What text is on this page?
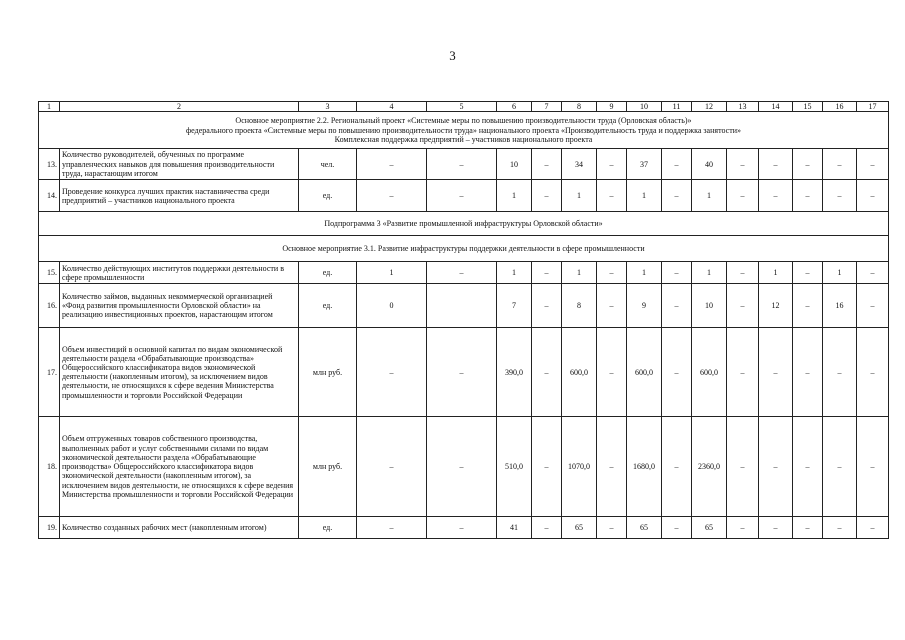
3
1	2	3	4	5	6	7	8	9	10	11	12	13	14	15	16	17

Основное мероприятие 2.2. Региональный проект «Системные меры по повышению производительности труда (Орловская область)»
федерального проекта «Системные меры по повышению производительности труда» национального проекта «Производительность труда и поддержка занятости»
Комплексная поддержка предприятий – участников национального проекта																

13.	Количество руководителей, обученных по программе управленческих навыков для повышения производительности труда, нарастающим итогом	чел.	–	–	10	–	34	–	37	–	40	–	–	–	–	–
14.	Проведение конкурса лучших практик наставничества среди предприятий – участников национального проекта	ед.	–	–	1	–	1	–	1	–	1	–	–	–	–	–
Подпрограмма 3 «Развитие промышленной инфраструктуры Орловской области»																
Основное мероприятие 3.1. Развитие инфраструктуры поддержки деятельности в сфере промышленности																
15.	Количество действующих институтов поддержки деятельности в сфере промышленности	ед.	1	–	1	–	1	–	1	–	1	–	1	–	1	–
16.	Количество займов, выданных некоммерческой организацией «Фонд развития промышленности Орловской области» на реализацию инвестиционных проектов, нарастающим итогом	ед.	0		7	–	8	–	9	–	10	–	12	–	16	–
17.	Объем инвестиций в основной капитал по видам экономической деятельности раздела «Обрабатывающие производства» Общероссийского классификатора видов экономической деятельности (накопленным итогом), за исключением видов деятельности, не относящихся к сфере ведения Министерства промышленности и торговли Российской Федерации	млн руб.	–	–	390,0	–	600,0	–	600,0	–	600,0	–	–	–	–	–
18.	Объем отгруженных товаров собственного производства, выполненных работ и услуг собственными силами по видам экономической деятельности раздела «Обрабатывающие производства» Общероссийского классификатора видов экономической деятельности (накопленным итогом), за исключением видов деятельности, не относящихся к сфере ведения Министерства промышленности и торговли Российской Федерации	млн руб.	–	–	510,0	–	1070,0	–	1680,0	–	2360,0	–	–	–	–	–
19.	Количество созданных рабочих мест (накопленным итогом)	ед.	–	–	41	–	65	–	65	–	65	–	–	–	–	–
